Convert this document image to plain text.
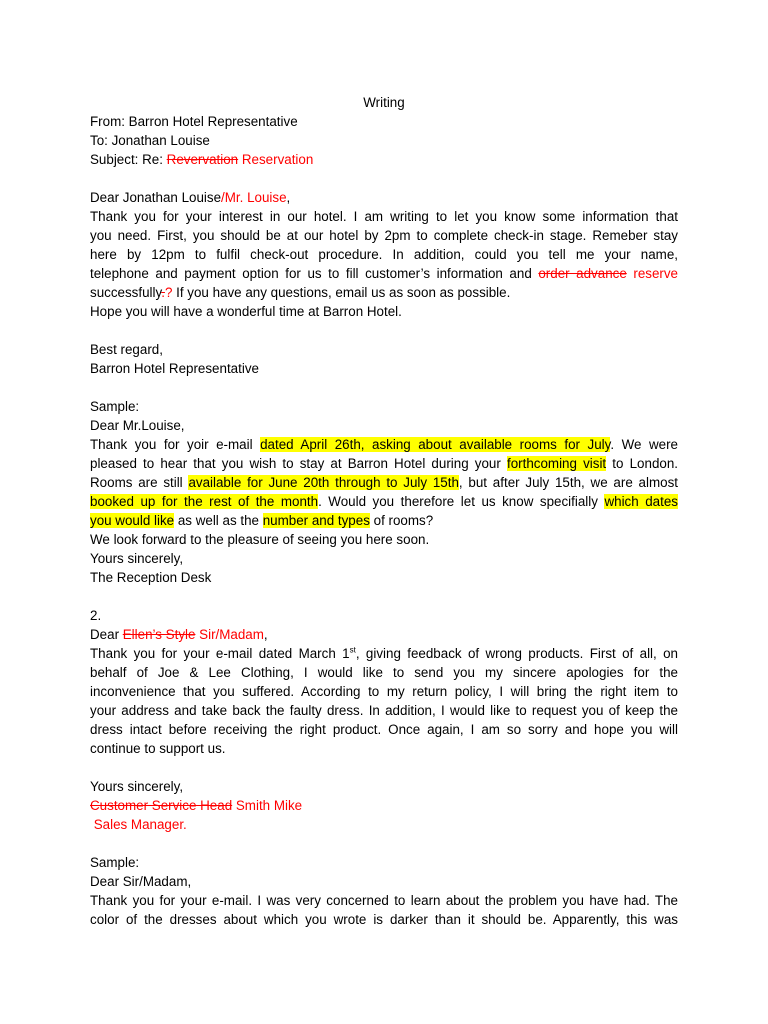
Writing

From: Barron Hotel Representative

To: Jonathan Louise

Subject: Re: Revervation Reservation

Dear Jonathan Louise/Mr. Louise,

Thank you for your interest in our hotel. I am writing to let you know some information that

you need. First, you should be at our hotel by 2pm to complete check-in stage. Remeber stay

here by 12pm to fulfil check-out procedure. In addition, could you tell me your name,

telephone and payment option for us to fill customer’s information and order advance reserve

successfully.? If you have any questions, email us as soon as possible.

Hope you will have a wonderful time at Barron Hotel.

Best regard,

Barron Hotel Representative

Sample:

Dear Mr.Louise,

Thank you for yoir e-mail dated April 26th, asking about available rooms for July. We were

pleased to hear that you wish to stay at Barron Hotel during your forthcoming visit to London.

Rooms are still available for June 20th through to July 15th, but after July 15th, we are almost

booked up for the rest of the month. Would you therefore let us know specifially which dates

you would like as well as the number and types of rooms?

We look forward to the pleasure of seeing you here soon.

Yours sincerely,

The Reception Desk

2.

Dear Ellen’s Style Sir/Madam,

Thank you for your e-mail dated March 1st, giving feedback of wrong products. First of all, on

behalf of Joe & Lee Clothing, I would like to send you my sincere apologies for the

inconvenience that you suffered. According to my return policy, I will bring the right item to

your address and take back the faulty dress. In addition, I would like to request you of keep the

dress intact before receiving the right product. Once again, I am so sorry and hope you will

continue to support us.

Yours sincerely,

Customer Service Head Smith Mike

Sales Manager.

Sample:

Dear Sir/Madam,

Thank you for your e-mail. I was very concerned to learn about the problem you have had. The

color of the dresses about which you wrote is darker than it should be. Apparently, this was
